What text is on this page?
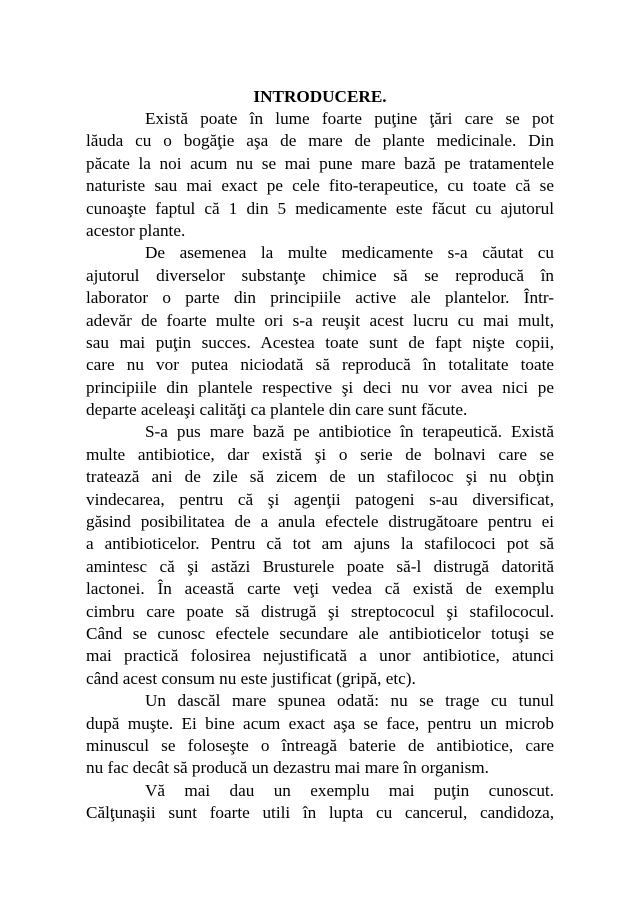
INTRODUCERE.
Există poate în lume foarte puţine ţări care se pot
lăuda cu o bogăţie aşa de mare de plante medicinale. Din
păcate la noi acum nu se mai pune mare bază pe tratamentele
naturiste sau mai exact pe cele fito-terapeutice, cu toate că se
cunoaşte faptul că 1 din 5 medicamente este făcut cu ajutorul
acestor plante.
De asemenea la multe medicamente s-a căutat cu
ajutorul diverselor substanţe chimice să se reproducă în
laborator o parte din principiile active ale plantelor. Într-
adevăr de foarte multe ori s-a reuşit acest lucru cu mai mult,
sau mai puţin succes. Acestea toate sunt de fapt nişte copii,
care nu vor putea niciodată să reproducă în totalitate toate
principiile din plantele respective şi deci nu vor avea nici pe
departe aceleaşi calităţi ca plantele din care sunt făcute.
S-a pus mare bază pe antibiotice în terapeutică. Există
multe antibiotice, dar există şi o serie de bolnavi care se
tratează ani de zile să zicem de un stafilococ şi nu obţin
vindecarea, pentru că şi agenţii patogeni s-au diversificat,
găsind posibilitatea de a anula efectele distrugătoare pentru ei
a antibioticelor. Pentru că tot am ajuns la stafilococi pot să
amintesc că şi astăzi Brusturele poate să-l distrugă datorită
lactonei. În această carte veţi vedea că există de exemplu
cimbru care poate să distrugă şi streptococul şi stafilococul.
Când se cunosc efectele secundare ale antibioticelor totuşi se
mai practică folosirea nejustificată a unor antibiotice, atunci
când acest consum nu este justificat (gripă, etc).
Un dascăl mare spunea odată: nu se trage cu tunul
după muşte. Ei bine acum exact aşa se face, pentru un microb
minuscul se foloseşte o întreagă baterie de antibiotice, care
nu fac decât să producă un dezastru mai mare în organism.
Vă mai dau un exemplu mai puţin cunoscut.
Călţunaşii sunt foarte utili în lupta cu cancerul, candidoza,
